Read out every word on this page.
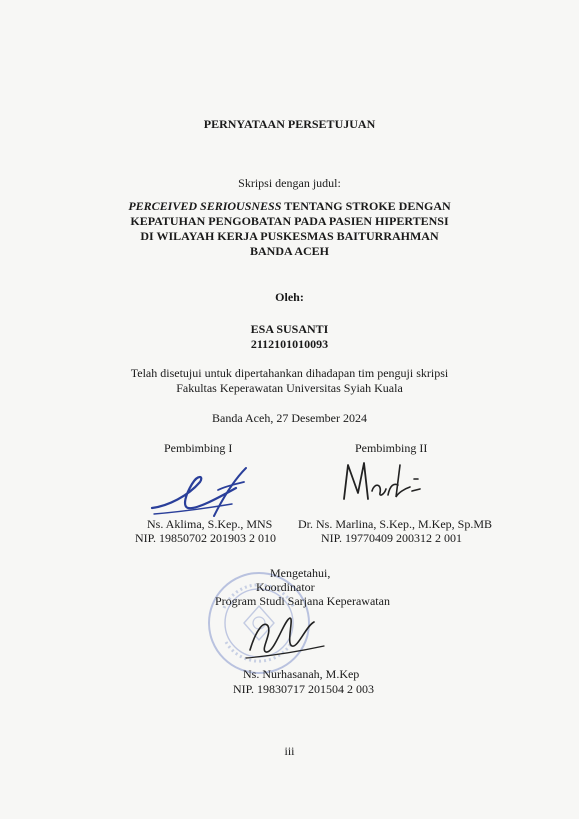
PERNYATAAN PERSETUJUAN
Skripsi dengan judul:
PERCEIVED SERIOUSNESS TENTANG STROKE DENGAN
KEPATUHAN PENGOBATAN PADA PASIEN HIPERTENSI
DI WILAYAH KERJA PUSKESMAS BAITURRAHMAN
BANDA ACEH
Oleh:
ESA SUSANTI
2112101010093
Telah disetujui untuk dipertahankan dihadapan tim penguji skripsi
Fakultas Keperawatan Universitas Syiah Kuala
Banda Aceh, 27 Desember 2024
Pembimbing I
Ns. Aklima, S.Kep., MNS
NIP. 19850702 201903 2 010
Pembimbing II
Dr. Ns. Marlina, S.Kep., M.Kep, Sp.MB
NIP. 19770409 200312 2 001
Mengetahui,
Koordinator
Program Studi Sarjana Keperawatan
Ns. Nurhasanah, M.Kep
NIP. 19830717 201504 2 003
iii
